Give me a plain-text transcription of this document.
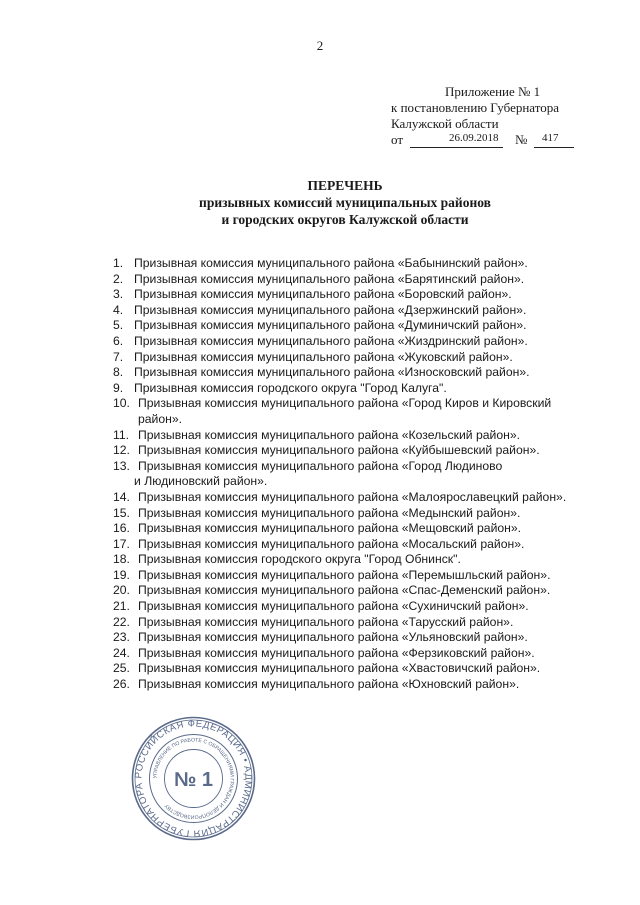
2
Приложение № 1
к постановлению Губернатора
Калужской области
от	26.09.2018 № 417
ПЕРЕЧЕНЬ
призывных комиссий муниципальных районов
и городских округов Калужской области
1. Призывная комиссия муниципального района «Бабынинский район».
2. Призывная комиссия муниципального района «Барятинский район».
3. Призывная комиссия муниципального района «Боровский район».
4. Призывная комиссия муниципального района «Дзержинский район».
5. Призывная комиссия муниципального района «Думиничский район».
6. Призывная комиссия муниципального района «Жиздринский район».
7. Призывная комиссия муниципального района «Жуковский район».
8. Призывная комиссия муниципального района «Износковский район».
9. Призывная комиссия городского округа "Город Калуга".
10. Призывная комиссия муниципального района «Город Киров и Кировский
район».
11. Призывная комиссия муниципального района «Козельский район».
12. Призывная комиссия муниципального района «Куйбышевский район».
13. Призывная комиссия муниципального района «Город Людиново
и Людиновский район».
14. Призывная комиссия муниципального района «Малоярославецкий район».
15. Призывная комиссия муниципального района «Медынский район».
16. Призывная комиссия муниципального района «Мещовский район».
17. Призывная комиссия муниципального района «Мосальский район».
18. Призывная комиссия городского округа "Город Обнинск".
19. Призывная комиссия муниципального района «Перемышльский район».
20. Призывная комиссия муниципального района «Спас-Деменский район».
21. Призывная комиссия муниципального района «Сухиничский район».
22. Призывная комиссия муниципального района «Тарусский район».
23. Призывная комиссия муниципального района «Ульяновский район».
24. Призывная комиссия муниципального района «Ферзиковский район».
25. Призывная комиссия муниципального района «Хвастовичский район».
26. Призывная комиссия муниципального района «Юхновский район».
РОССИЙСКАЯ ФЕДЕРАЦИЯ • АДМИНИСТРАЦИЯ ГУБЕРНАТОРА
УПРАВЛЕНИЕ ПО РАБОТЕ С ОБРАЩЕНИЯМИ ГРАЖДАН И ДЕЛОПРОИЗВОДСТВУ
№ 1
